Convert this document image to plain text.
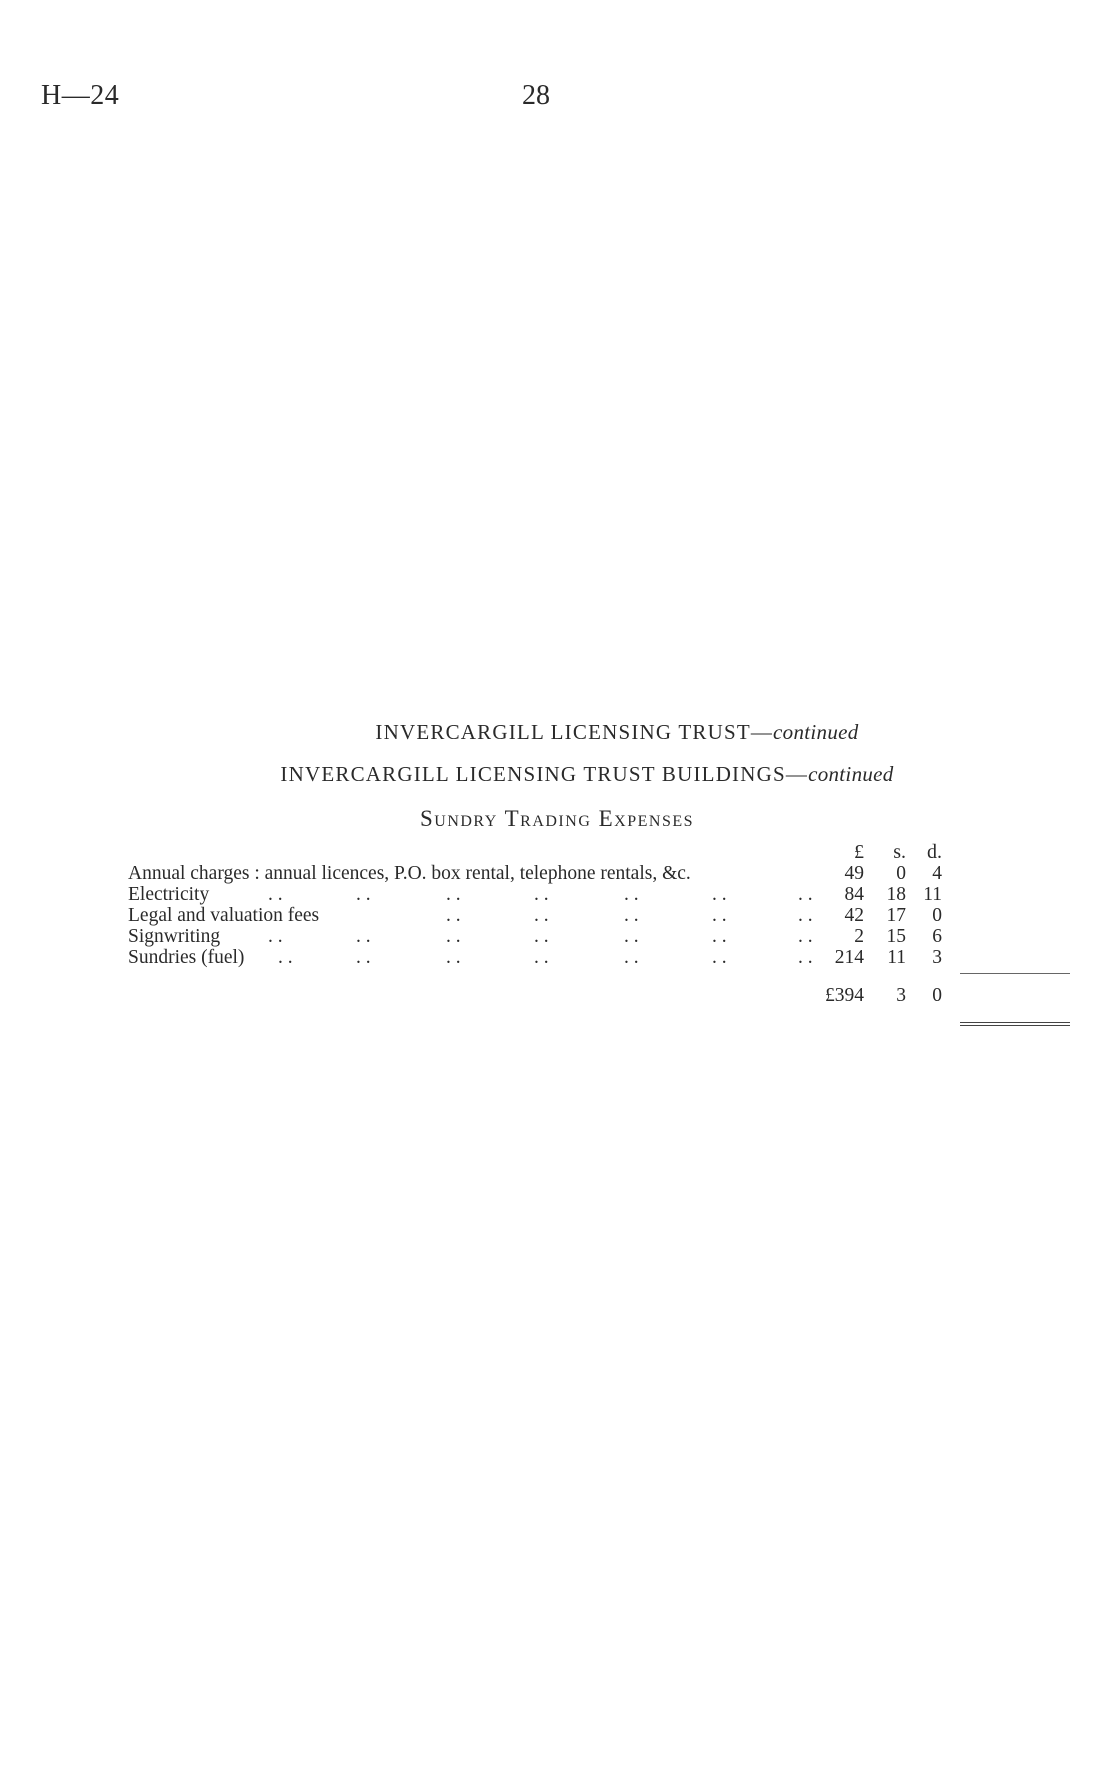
H—24	28
INVERCARGILL LICENSING TRUST—continued
INVERCARGILL LICENSING TRUST BUILDINGS—continued
Sundry Trading Expenses
£	s.	d.
Annual charges : annual licences, P.O. box rental, telephone rentals, &c.	49	0	4
Electricity	. .	. .	. .	. .	. .	. .	. .	84	18 11
Legal and valuation fees	. .	. .	. .	. .	. .	42	17	0
Signwriting . .	. .	. .	. .	. .	. .	. .	2	15	6
Sundries (fuel) . .	. .	. .	. .	. .	. .	. .	214	11	3
£394	3	0
